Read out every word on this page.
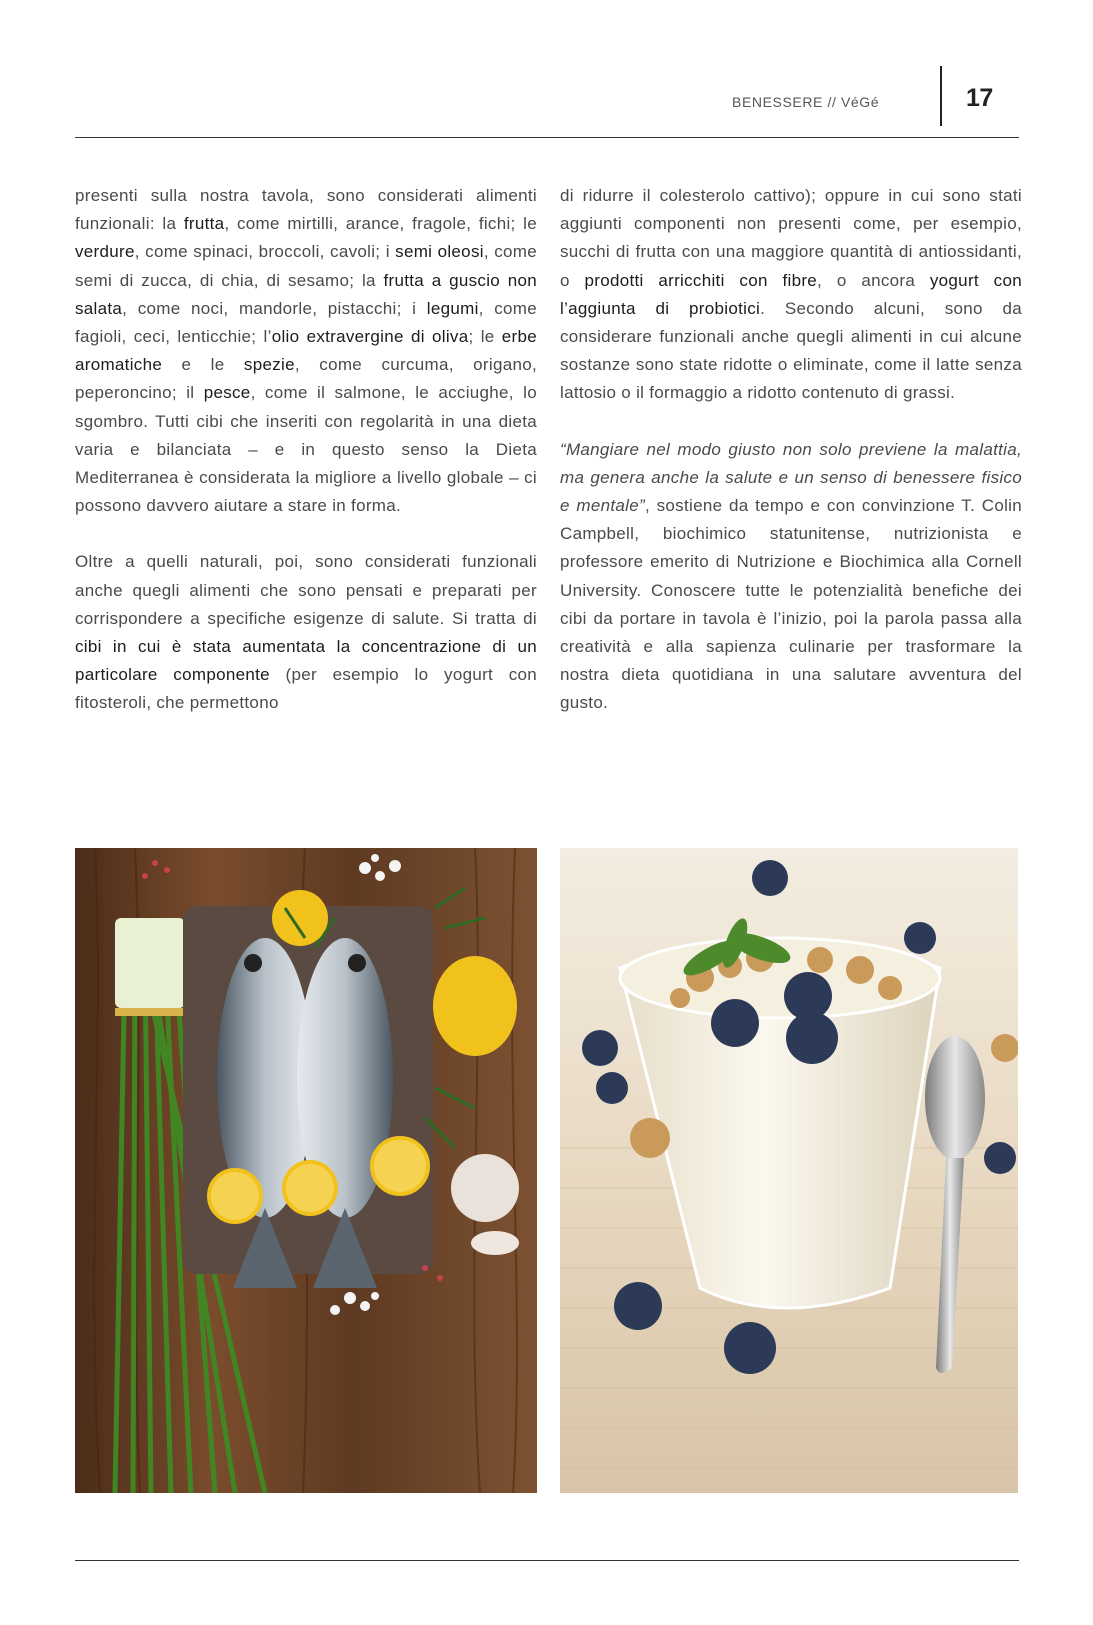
BENESSERE // VéGé	17

presenti sulla nostra tavola, sono considerati alimenti funzionali: la frutta, come mirtilli, arance, fragole, fichi; le verdure, come spinaci, broccoli, cavoli; i semi oleosi, come semi di zucca, di chia, di sesamo; la frutta a guscio non salata, come noci, mandorle, pistacchi; i legumi, come fagioli, ceci, lenticchie; l’olio extravergine di oliva; le erbe aromatiche e le spezie, come curcuma, origano, peperoncino; il pesce, come il salmone, le acciughe, lo sgombro. Tutti cibi che inseriti con regolarità in una dieta varia e bilanciata – e in questo senso la Dieta Mediterranea è considerata la migliore a livello globale – ci possono davvero aiutare a stare in forma.

Oltre a quelli naturali, poi, sono considerati funzionali anche quegli alimenti che sono pensati e preparati per corrispondere a specifiche esigenze di salute. Si tratta di cibi in cui è stata aumentata la concentrazione di un particolare componente (per esempio lo yogurt con fitosteroli, che permettono

di ridurre il colesterolo cattivo); oppure in cui sono stati aggiunti componenti non presenti come, per esempio, succhi di frutta con una maggiore quantità di antiossidanti, o prodotti arricchiti con fibre, o ancora yogurt con l’aggiunta di probiotici. Secondo alcuni, sono da considerare funzionali anche quegli alimenti in cui alcune sostanze sono state ridotte o eliminate, come il latte senza lattosio o il formaggio a ridotto contenuto di grassi.

“Mangiare nel modo giusto non solo previene la malattia, ma genera anche la salute e un senso di benessere fisico e mentale”, sostiene da tempo e con convinzione T. Colin Campbell, biochimico statunitense, nutrizionista e professore emerito di Nutrizione e Biochimica alla Cornell University. Conoscere tutte le potenzialità benefiche dei cibi da portare in tavola è l’inizio, poi la parola passa alla creatività e alla sapienza culinarie per trasformare la nostra dieta quotidiana in una salutare avventura del gusto.
